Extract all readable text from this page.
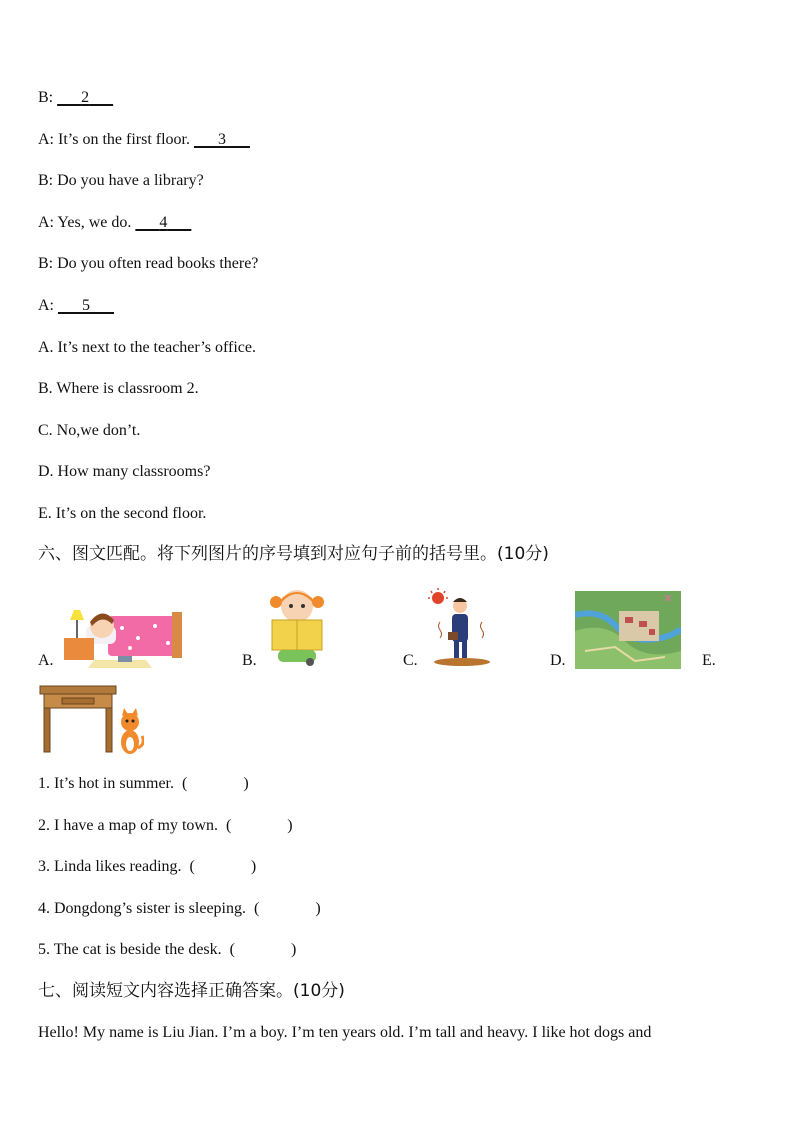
B: 2
A: It’s on the first floor. 3
B: Do you have a library?
A: Yes, we do. 4
B: Do you often read books there?
A: 5
A. It’s next to the teacher’s office.
B. Where is classroom 2.
C. No,we don’t.
D. How many classrooms?
E. It’s on the second floor.
六、图文匹配。将下列图片的序号填到对应句子前的括号里。(10分)
A.	B.	C.	D.	E.
1. It’s hot in summer. (	)
2. I have a map of my town. (	)
3. Linda likes reading. (	)
4. Dongdong’s sister is sleeping. (	)
5. The cat is beside the desk. (	)
七、阅读短文内容选择正确答案。(10分)
Hello! My name is Liu Jian. I’m a boy. I’m ten years old. I’m tall and heavy. I like hot dogs and
